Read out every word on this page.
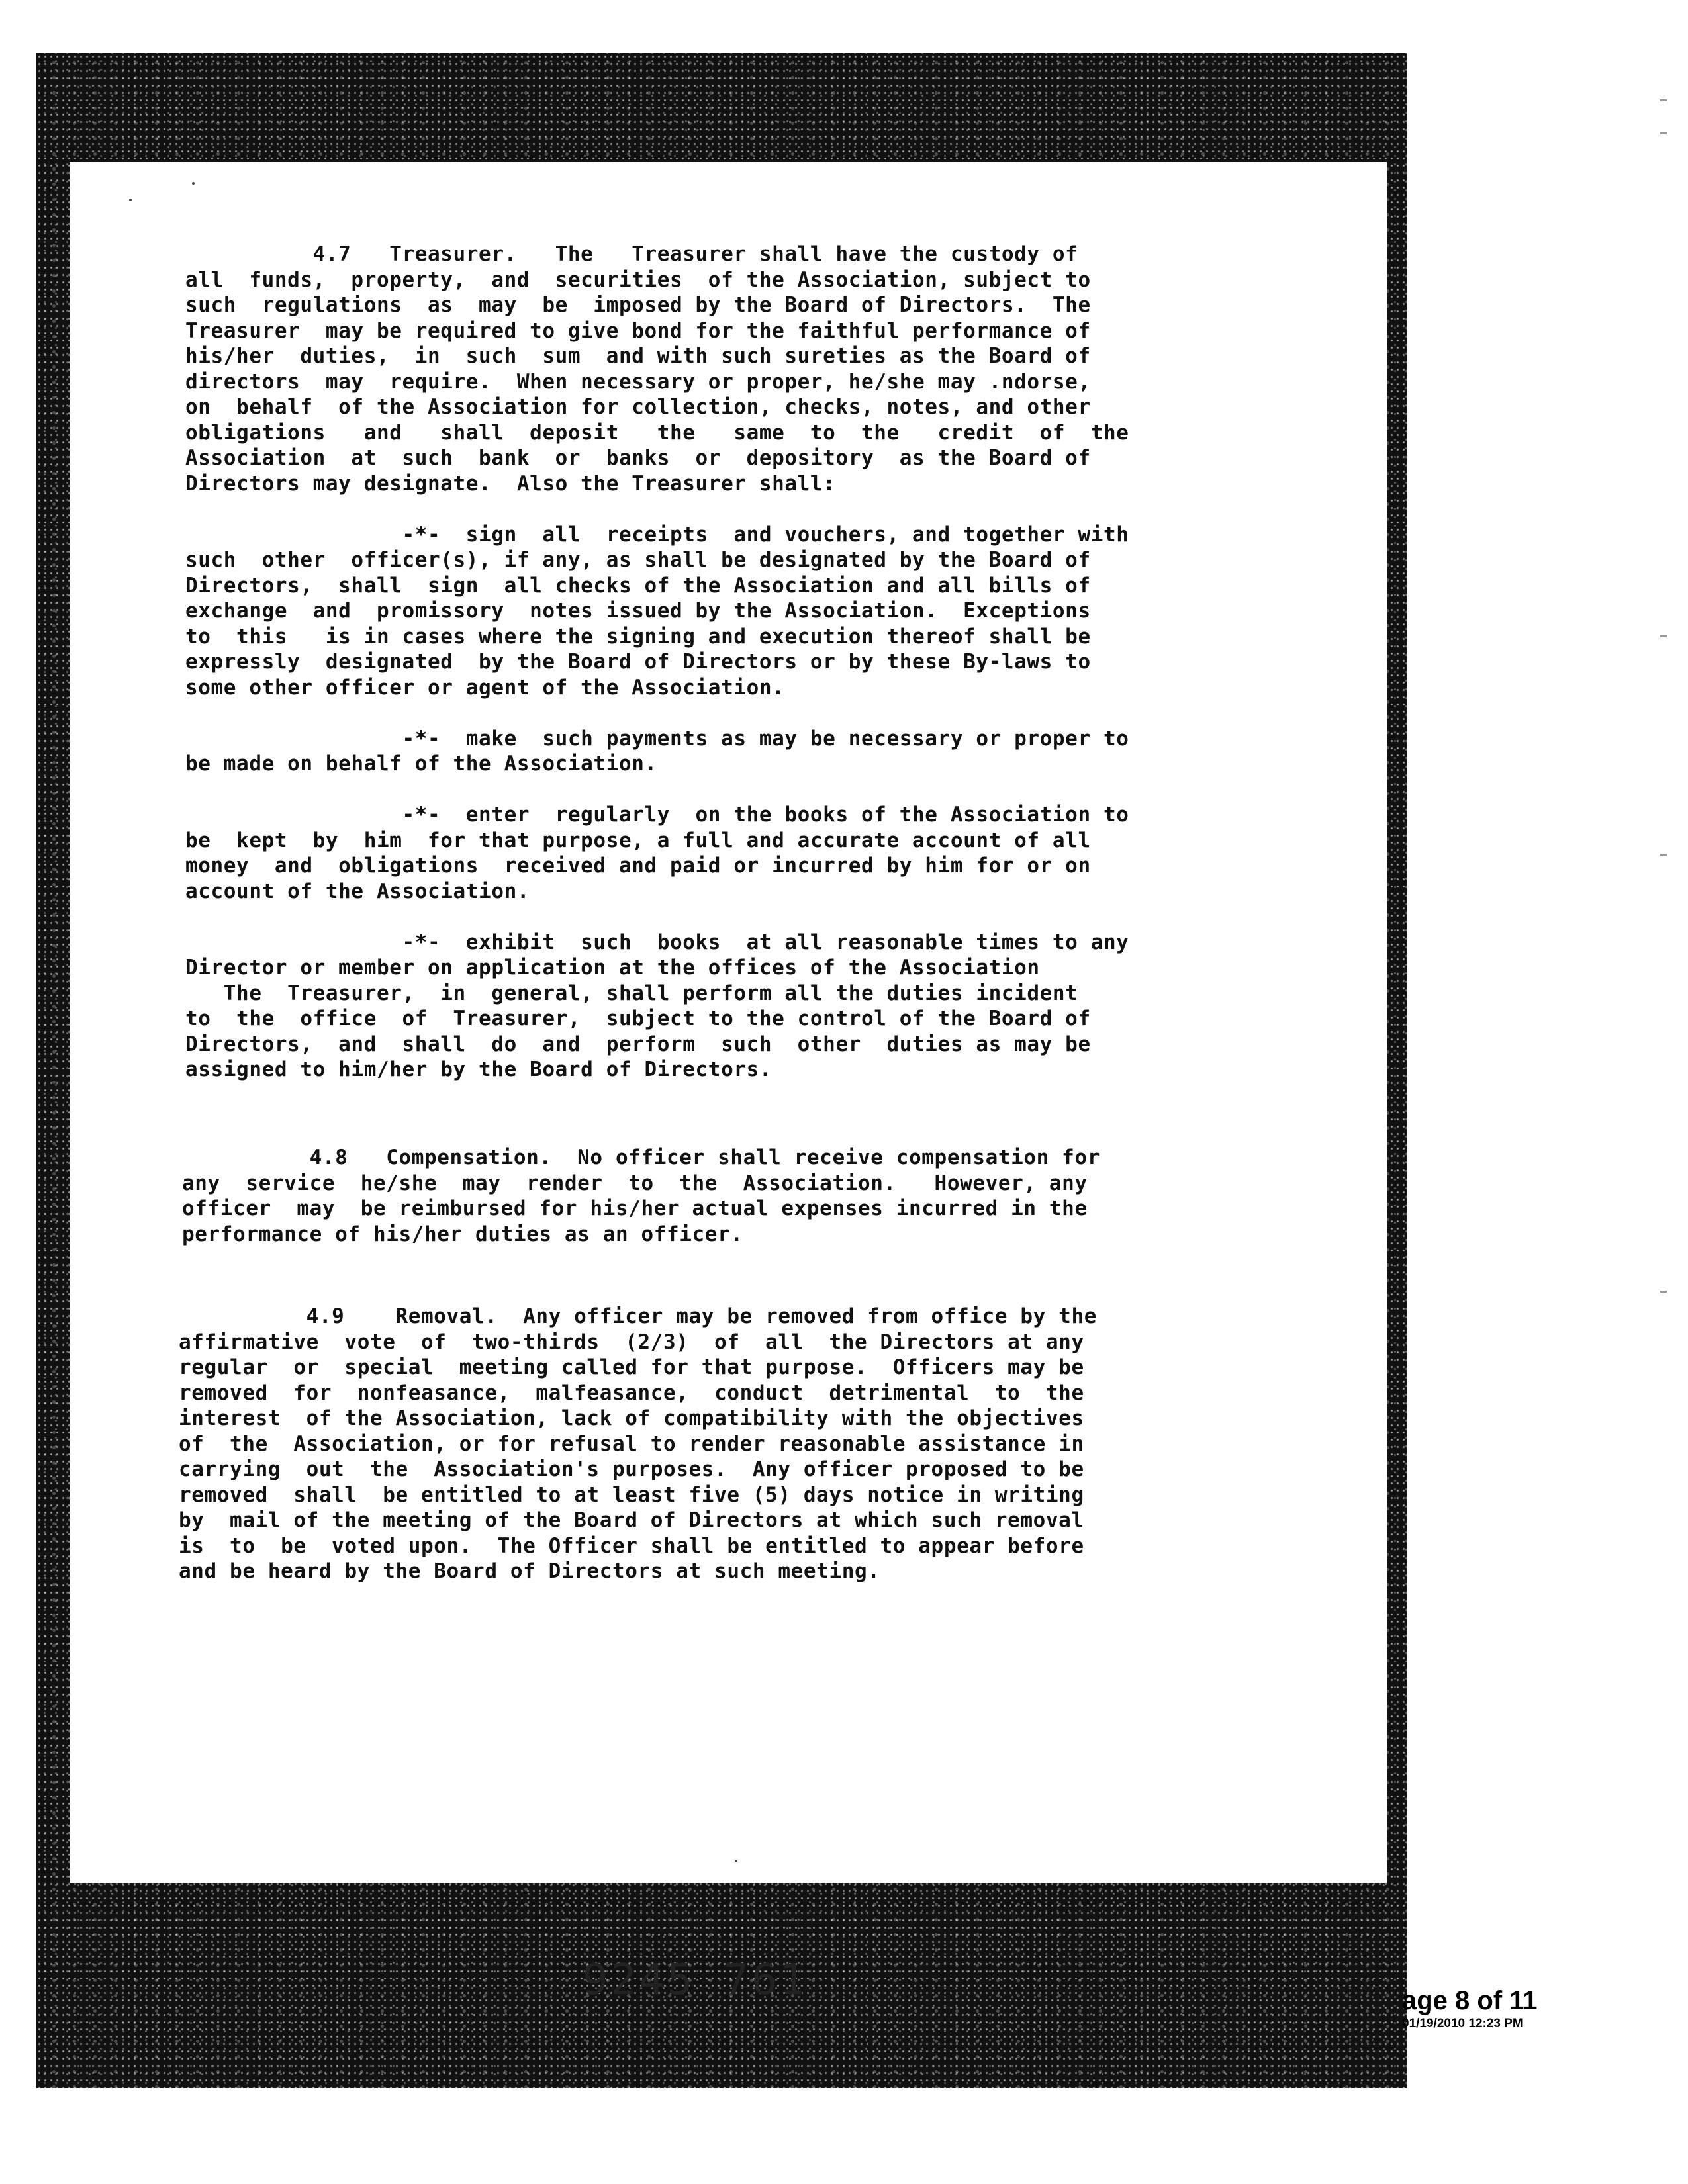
4.7   Treasurer.   The   Treasurer shall have the custody of
all  funds,  property,  and  securities  of the Association, subject to
such  regulations  as  may  be  imposed by the Board of Directors.  The
Treasurer  may be required to give bond for the faithful performance of
his/her  duties,  in  such  sum  and with such sureties as the Board of
directors  may  require.  When necessary or proper, he/she may .ndorse,
on  behalf  of the Association for collection, checks, notes, and other
obligations   and   shall  deposit   the   same  to  the   credit  of  the
Association  at  such  bank  or  banks  or  depository  as the Board of
Directors may designate.  Also the Treasurer shall:

-*-  sign  all  receipts  and vouchers, and together with
such  other  officer(s), if any, as shall be designated by the Board of
Directors,  shall  sign  all checks of the Association and all bills of
exchange  and  promissory  notes issued by the Association.  Exceptions
to  this   is in cases where the signing and execution thereof shall be
expressly  designated  by the Board of Directors or by these By-laws to
some other officer or agent of the Association.

-*-  make  such payments as may be necessary or proper to
be made on behalf of the Association.

-*-  enter  regularly  on the books of the Association to
be  kept  by  him  for that purpose, a full and accurate account of all
money  and  obligations  received and paid or incurred by him for or on
account of the Association.

-*-  exhibit  such  books  at all reasonable times to any
Director or member on application at the offices of the Association
The  Treasurer,  in  general, shall perform all the duties incident
to  the  office  of  Treasurer,  subject to the control of the Board of
Directors,  and  shall  do  and  perform  such  other  duties as may be
assigned to him/her by the Board of Directors.
4.8   Compensation.  No officer shall receive compensation for
any  service  he/she  may  render  to  the  Association.   However, any
officer  may  be reimbursed for his/her actual expenses incurred in the
performance of his/her duties as an officer.
4.9    Removal.  Any officer may be removed from office by the
affirmative  vote  of  two-thirds  (2/3)  of  all  the Directors at any
regular  or  special  meeting called for that purpose.  Officers may be
removed  for  nonfeasance,  malfeasance,  conduct  detrimental  to  the
interest  of the Association, lack of compatibility with the objectives
of  the  Association, or for refusal to render reasonable assistance in
carrying  out  the  Association's purposes.  Any officer proposed to be
removed  shall  be entitled to at least five (5) days notice in writing
by  mail of the meeting of the Board of Directors at which such removal
is  to  be  voted upon.  The Officer shall be entitled to appear before
and be heard by the Board of Directors at such meeting.
9245 761	age 8 of 11
01/19/2010 12:23 PM
